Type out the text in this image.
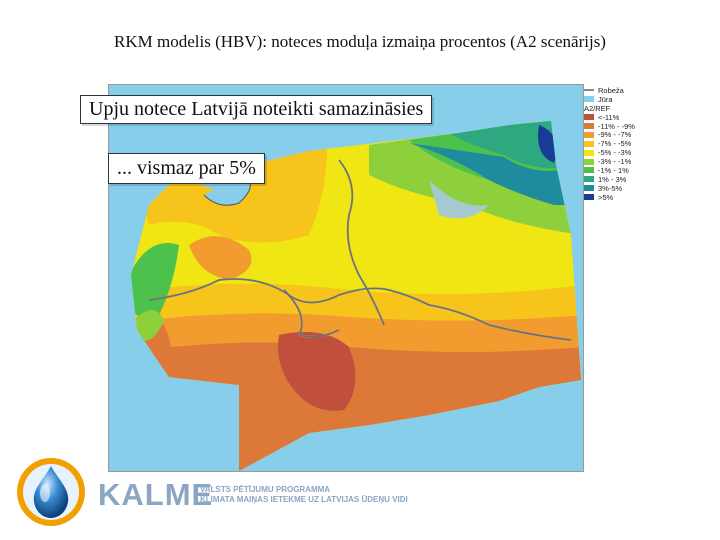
RKM modelis (HBV): noteces moduļa izmaiņa procentos (A2 scenārijs)
Robeža
Jūra
A2/REF
<-11%
-11% - -9%
-9% - -7%
-7% - -5%
-5% - -3%
-3% - -1%
-1% - 1%
1% - 3%
3%-5%
>5%
Upju notece Latvijā noteikti samazināsies
... vismaz par 5%
KALME
VALSTS PĒTĪJUMU PROGRAMMA
KLIMATA MAIŅAS IETEKME UZ LATVIJAS ŪDEŅU VIDI
